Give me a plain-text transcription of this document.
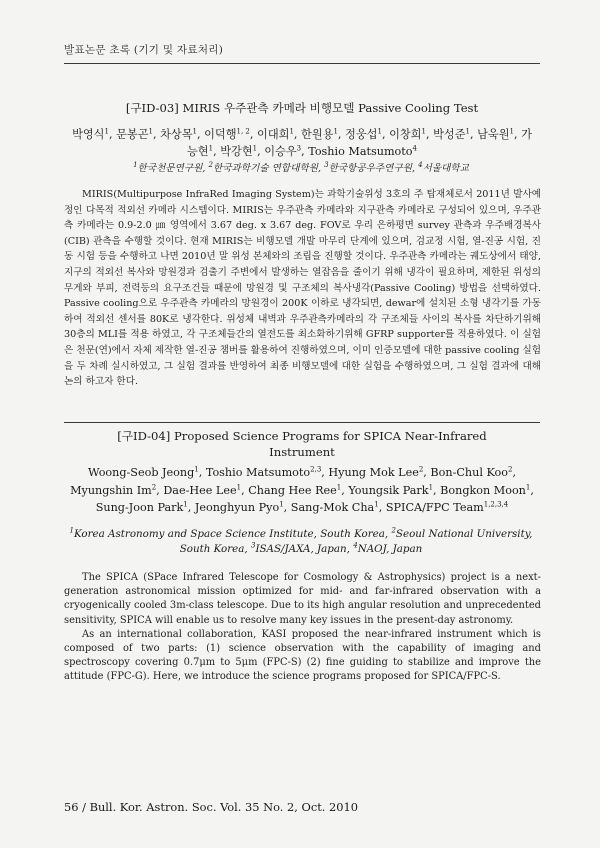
발표논문 초록 (기기 및 자료처리)
[구ID-03] MIRIS 우주관측 카메라 비행모델 Passive Cooling Test
박영식$^1$, 문봉곤$^1$, 차상목$^1$, 이덕행$^{1, 2}$, 이대희$^1$, 한원용$^1$, 정웅섭$^1$, 이창희$^1$, 박성준$^1$, 남욱원$^1$, 가능현$^1$, 박강현$^1$, 이승우$^3$, Toshio Matsumoto$^4$
$^1$한국천문연구원, $^2$한국과학기술 연합대학원, $^3$한국항공우주연구원, $^4$서울대학교

MIRIS(Multipurpose InfraRed Imaging System)는 과학기술위성 3호의 주 탑재체로서 2011년 발사예정인 다목적 적외선 카메라 시스템이다. MIRIS는 우주관측 카메라와 지구관측 카메라로 구성되어 있으며, 우주관측 카메라는 0.9-2.0 ㎛ 영역에서 3.67 deg. x 3.67 deg. FOV로 우리 은하평면 survey 관측과 우주배경복사(CIB) 관측을 수행할 것이다. 현재 MIRIS는 비행모델 개발 마무리 단계에 있으며, 검교정 시험, 열-진공 시험, 진동 시험 등을 수행하고 나면 2010년 말 위성 본체와의 조립을 진행할 것이다. 우주관측 카메라는 궤도상에서 태양, 지구의 적외선 복사와 망원경과 검출기 주변에서 발생하는 열잡음을 줄이기 위해 냉각이 필요하며, 제한된 위성의 무게와 부피, 전력등의 요구조건들 때문에 망원경 및 구조체의 복사냉각(Passive Cooling) 방법을 선택하였다. Passive cooling으로 우주관측 카메라의 망원경이 200K 이하로 냉각되면, dewar에 설치된 소형 냉각기를 가동하여 적외선 센서를 80K로 냉각한다. 위성체 내벽과 우주관측카메라의 각 구조체들 사이의 복사를 차단하기위해 30층의 MLI를 적용 하였고, 각 구조체들간의 열전도를 최소화하기위해 GFRP supporter를 적용하였다. 이 실험은 천문(연)에서 자체 제작한 열-진공 챔버를 활용하여 진행하였으며, 이미 인증모델에 대한 passive cooling 실험을 두 차례 실시하였고, 그 실험 결과를 반영하여 최종 비행모델에 대한 실험을 수행하였으며, 그 실험 결과에 대해 논의 하고자 한다.

[구ID-04] Proposed Science Programs for SPICA Near-Infrared
Instrument
Woong-Seob Jeong$^1$, Toshio Matsumoto$^{2,3}$, Hyung Mok Lee$^2$, Bon-Chul Koo$^2$, Myungshin Im$^2$, Dae-Hee Lee$^1$, Chang Hee Ree$^1$, Youngsik Park$^1$, Bongkon Moon$^1$, Sung-Joon Park$^1$, Jeonghyun Pyo$^1$, Sang-Mok Cha$^1$, SPICA/FPC Team$^{1,2,3,4}$
$^1$Korea Astronomy and Space Science Institute, South Korea, $^2$Seoul National University, South Korea, $^3$ISAS/JAXA, Japan, $^4$NAOJ, Japan

The SPICA (SPace Infrared Telescope for Cosmology & Astrophysics) project is a next-generation astronomical mission optimized for mid- and far-infrared observation with a cryogenically cooled 3m-class telescope. Due to its high angular resolution and unprecedented sensitivity, SPICA will enable us to resolve many key issues in the present-day astronomy.

As an international collaboration, KASI proposed the near-infrared instrument which is composed of two parts: (1) science observation with the capability of imaging and spectroscopy covering 0.7μm to 5μm (FPC-S) (2) fine guiding to stabilize and improve the attitude (FPC-G). Here, we introduce the science programs proposed for SPICA/FPC-S.

56 / Bull. Kor. Astron. Soc. Vol. 35 No. 2, Oct. 2010
